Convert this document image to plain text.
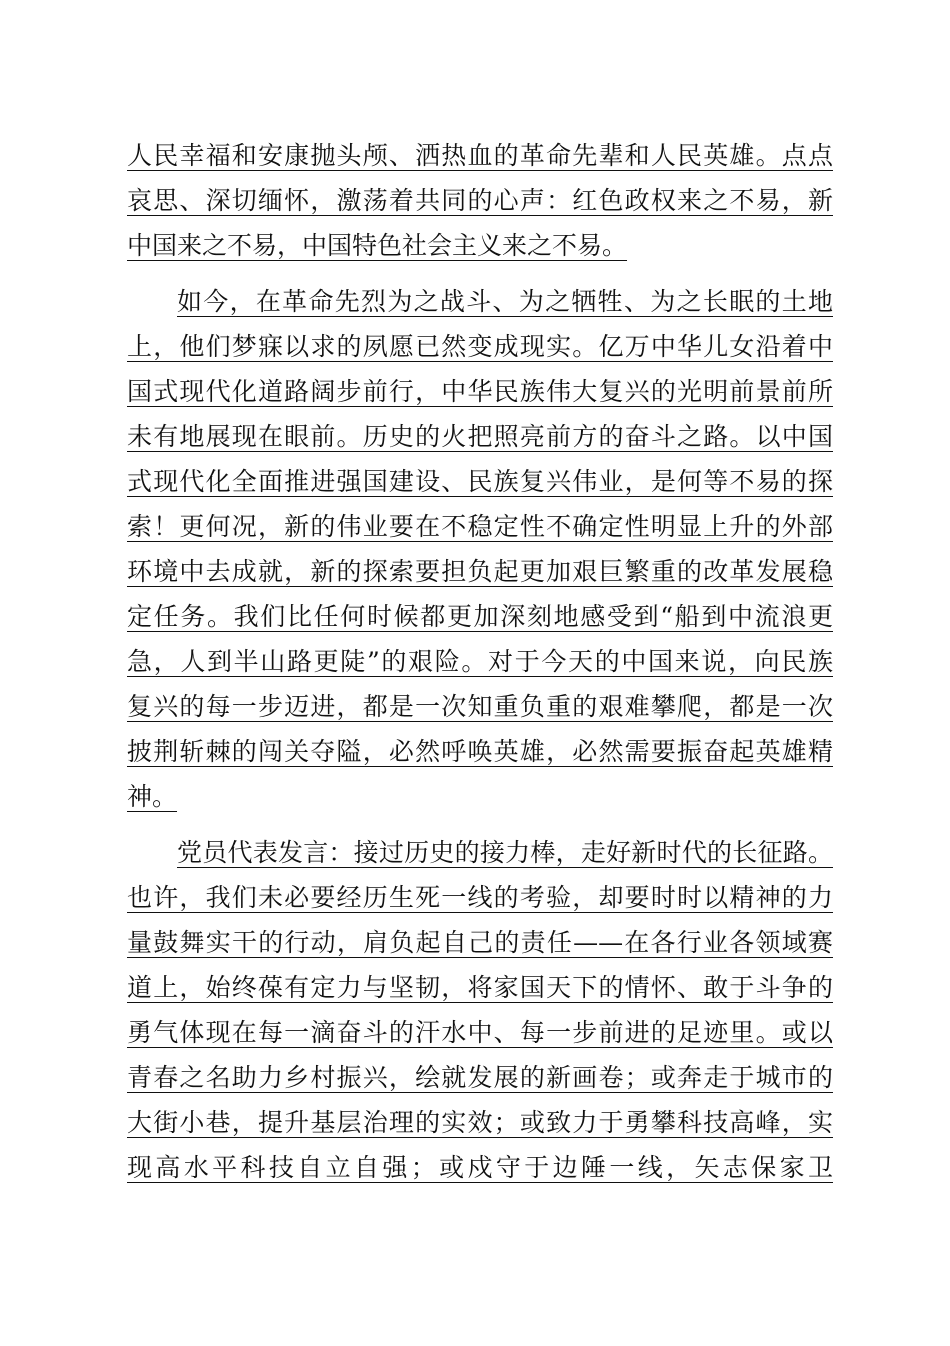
人民幸福和安康抛头颅、洒热血的革命先辈和人民英雄。点点
哀思、深切缅怀，激荡着共同的心声：红色政权来之不易，新
中国来之不易，中国特色社会主义来之不易。
如今，在革命先烈为之战斗、为之牺牲、为之长眠的土地
上，他们梦寐以求的夙愿已然变成现实。亿万中华儿女沿着中
国式现代化道路阔步前行，中华民族伟大复兴的光明前景前所
未有地展现在眼前。历史的火把照亮前方的奋斗之路。以中国
式现代化全面推进强国建设、民族复兴伟业，是何等不易的探
索！更何况，新的伟业要在不稳定性不确定性明显上升的外部
环境中去成就，新的探索要担负起更加艰巨繁重的改革发展稳
定任务。我们比任何时候都更加深刻地感受到“船到中流浪更
急，人到半山路更陡”的艰险。对于今天的中国来说，向民族
复兴的每一步迈进，都是一次知重负重的艰难攀爬，都是一次
披荆斩棘的闯关夺隘，必然呼唤英雄，必然需要振奋起英雄精
神。
党员代表发言：接过历史的接力棒，走好新时代的长征路。
也许，我们未必要经历生死一线的考验，却要时时以精神的力
量鼓舞实干的行动，肩负起自己的责任——在各行业各领域赛
道上，始终葆有定力与坚韧，将家国天下的情怀、敢于斗争的
勇气体现在每一滴奋斗的汗水中、每一步前进的足迹里。或以
青春之名助力乡村振兴，绘就发展的新画卷；或奔走于城市的
大街小巷，提升基层治理的实效；或致力于勇攀科技高峰，实
现高水平科技自立自强；或戍守于边陲一线，矢志保家卫
